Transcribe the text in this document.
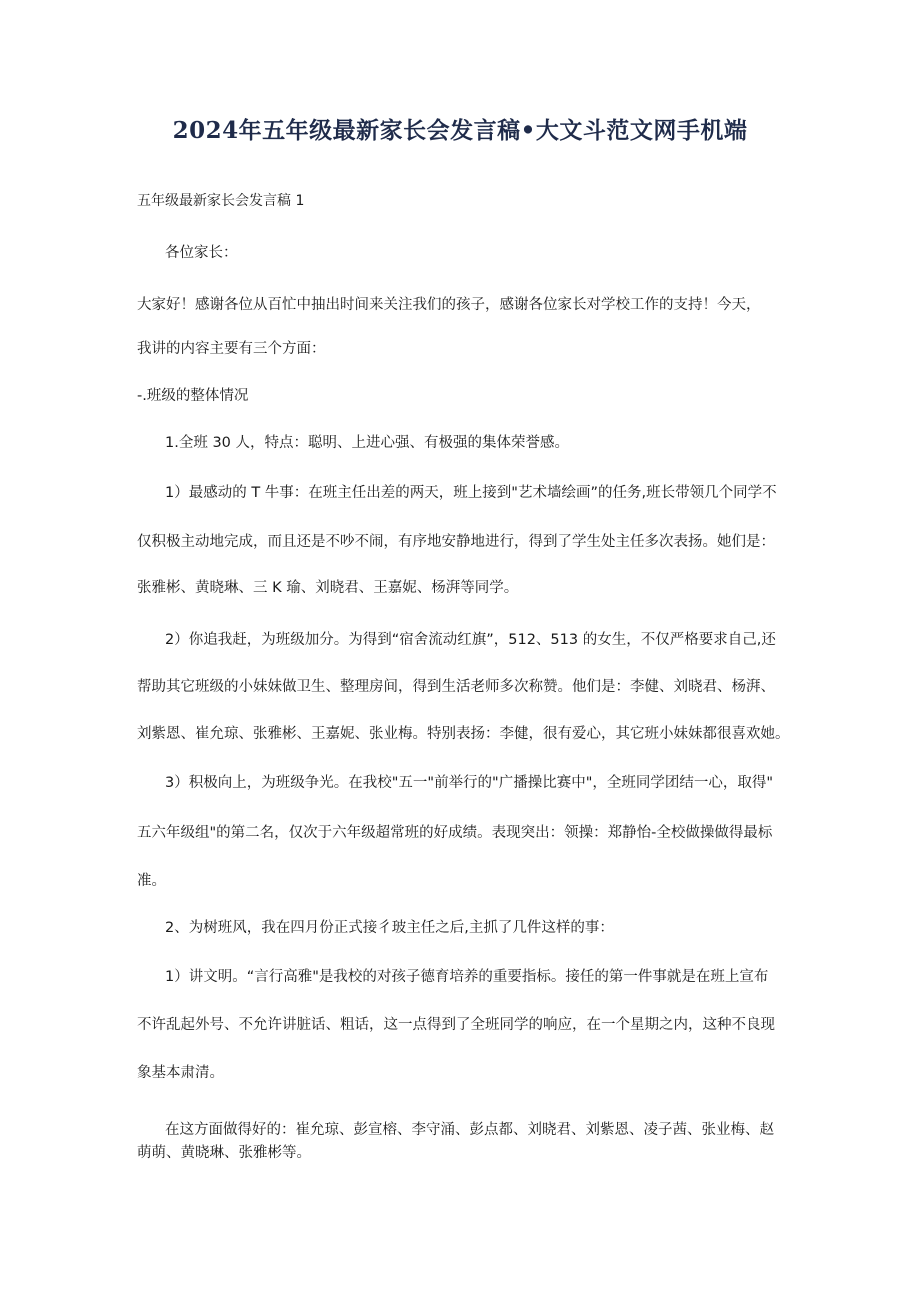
2024年五年级最新家长会发言稿•大文斗范文网手机端
五年级最新家长会发言稿 1
各位家长：
大家好！感谢各位从百忙中抽出时间来关注我们的孩子，感谢各位家长对学校工作的支持！今天，
我讲的内容主要有三个方面：
-.班级的整体情况
1.全班 30 人，特点：聪明、上进心强、有极强的集体荣誉感。
1）最感动的 T 牛事：在班主任出差的两天，班上接到"艺术墙绘画”的任务,班长带领几个同学不
仅积极主动地完成，而且还是不吵不闹，有序地安静地进行，得到了学生处主任多次表扬。她们是：
张雅彬、黄晓琳、三 K 瑜、刘晓君、王嘉妮、杨湃等同学。
2）你追我赶，为班级加分。为得到“宿舍流动红旗”，512、513 的女生，不仅严格要求自己,还
帮助其它班级的小妹妹做卫生、整理房间，得到生活老师多次称赞。他们是：李健、刘晓君、杨湃、
刘紫恩、崔允琼、张雅彬、王嘉妮、张业梅。特别表扬：李健，很有爱心，其它班小妹妹都很喜欢她。
3）积极向上，为班级争光。在我校"五一"前举行的"广播操比赛中"，全班同学团结一心，取得"
五六年级组"的第二名，仅次于六年级超常班的好成绩。表现突出：领操：郑静怡-全校做操做得最标
准。
2、为树班风，我在四月份正式接彳玻主任之后,主抓了几件这样的事：
1）讲文明。“言行高雅"是我校的对孩子德育培养的重要指标。接任的第一件事就是在班上宣布
不许乱起外号、不允许讲脏话、粗话，这一点得到了全班同学的响应，在一个星期之内，这种不良现
象基本肃清。
在这方面做得好的：崔允琼、彭宣榕、李守涌、彭点都、刘晓君、刘紫恩、凌子茜、张业梅、赵
萌萌、黄晓琳、张雅彬等。
